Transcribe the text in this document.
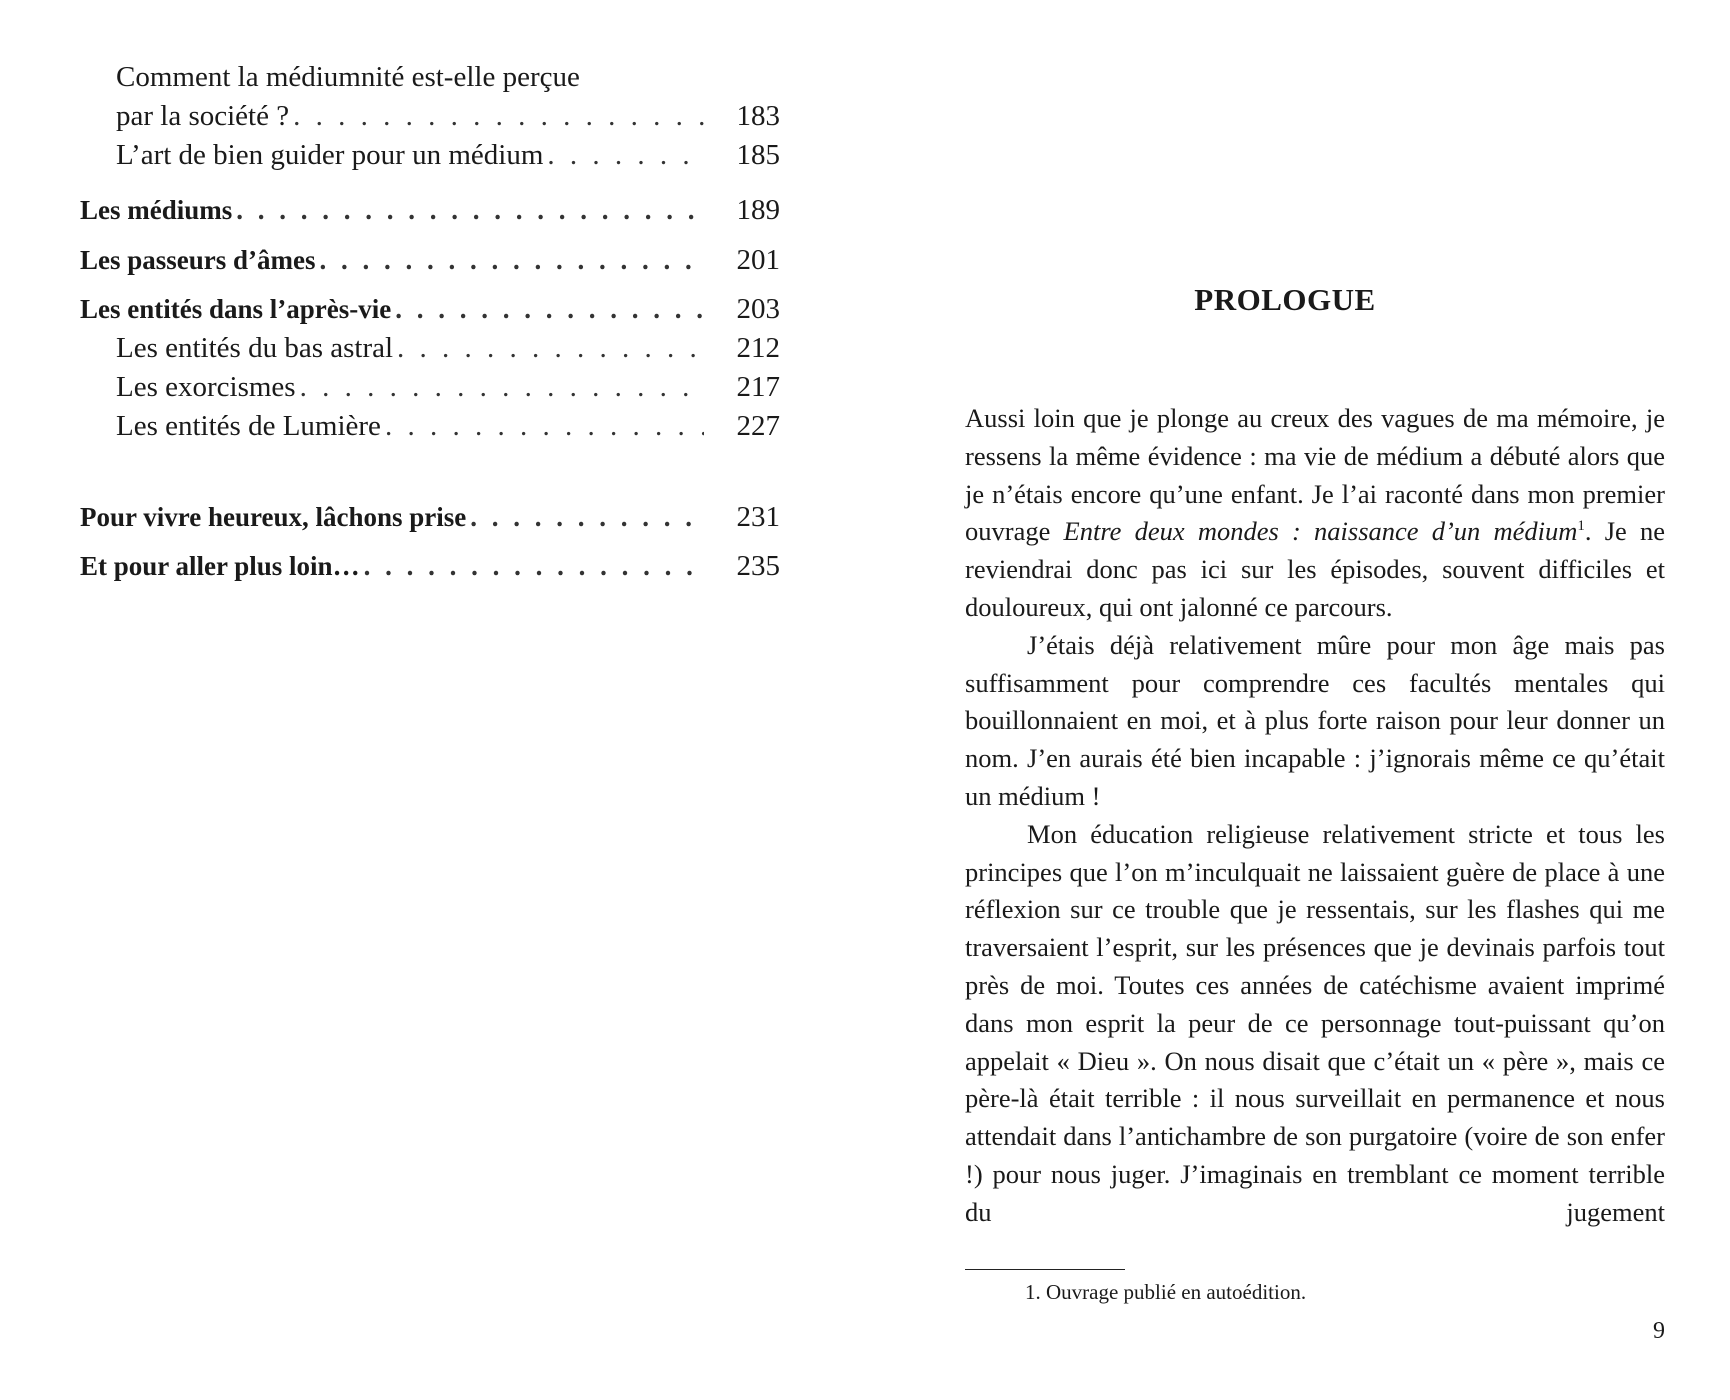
Comment la médiumnité est-elle perçue
par la société ? . . .	183
L’art de bien guider pour un médium . . .	185
Les médiums . . .	189
Les passeurs d’âmes . . .	201
Les entités dans l’après-vie . . .	203
Les entités du bas astral . . .	212
Les exorcismes . . .	217
Les entités de Lumière . . .	227
Pour vivre heureux, lâchons prise . . .	231
Et pour aller plus loin… . . .	235
PROLOGUE

Aussi loin que je plonge au creux des vagues de ma mémoire, je ressens la même évidence : ma vie de médium a débuté alors que je n’étais encore qu’une enfant. Je l’ai raconté dans mon premier ouvrage Entre deux mondes : naissance d’un médium$^1$. Je ne reviendrai donc pas ici sur les épisodes, souvent difficiles et douloureux, qui ont jalonné ce parcours.

J’étais déjà relativement mûre pour mon âge mais pas suffisamment pour comprendre ces facultés mentales qui bouillonnaient en moi, et à plus forte raison pour leur donner un nom. J’en aurais été bien incapable : j’ignorais même ce qu’était un médium !

Mon éducation religieuse relativement stricte et tous les principes que l’on m’inculquait ne laissaient guère de place à une réflexion sur ce trouble que je ressentais, sur les flashes qui me traversaient l’esprit, sur les présences que je devinais parfois tout près de moi. Toutes ces années de catéchisme avaient imprimé dans mon esprit la peur de ce personnage tout-puissant qu’on appelait « Dieu ». On nous disait que c’était un « père », mais ce père-là était terrible : il nous surveillait en permanence et nous attendait dans l’antichambre de son purgatoire (voire de son enfer !) pour nous juger. J’imaginais en tremblant ce moment terrible du jugement

1. Ouvrage publié en autoédition.
9
